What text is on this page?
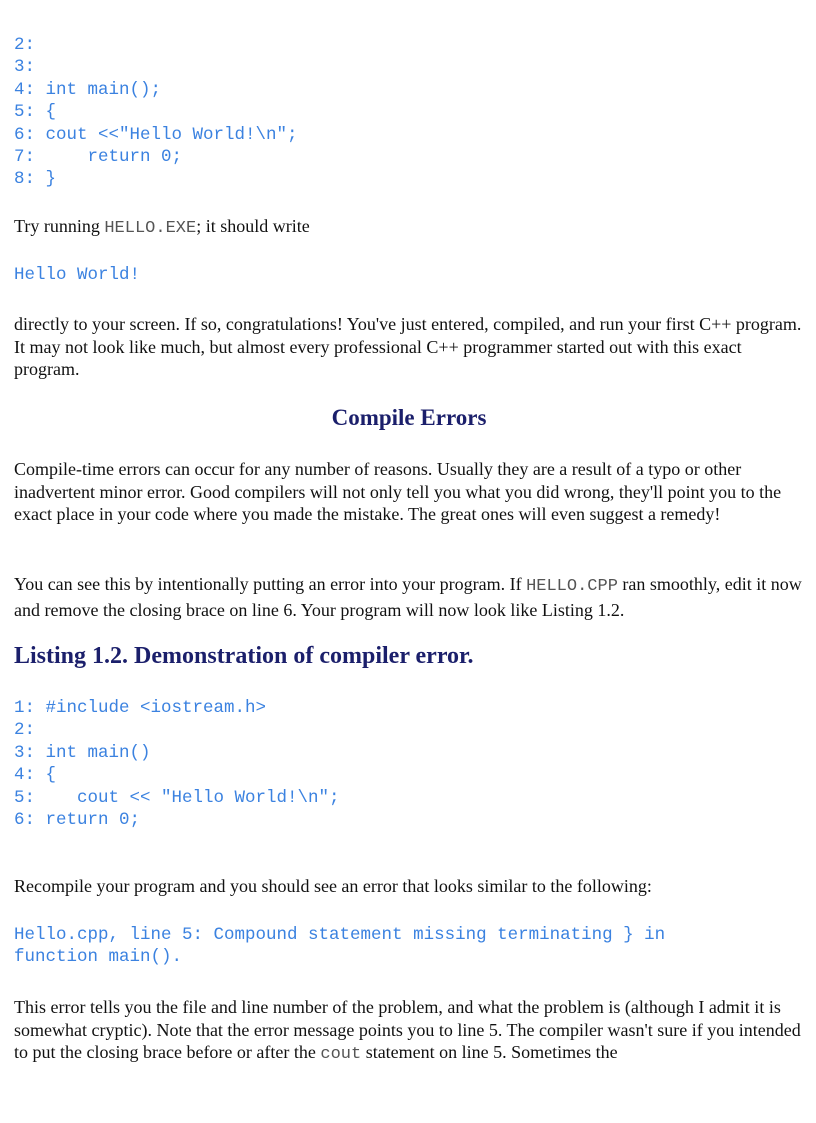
2:
3:
4: int main();
5: {
6: cout <<"Hello World!\n";
7:     return 0;
8: }

Try running HELLO.EXE; it should write

Hello World!

directly to your screen. If so, congratulations! You've just entered, compiled, and run your first C++ program. It may not look like much, but almost every professional C++ programmer started out with this exact program.

Compile Errors

Compile-time errors can occur for any number of reasons. Usually they are a result of a typo or other inadvertent minor error. Good compilers will not only tell you what you did wrong, they'll point you to the exact place in your code where you made the mistake. The great ones will even suggest a remedy!

You can see this by intentionally putting an error into your program. If HELLO.CPP ran smoothly, edit it now and remove the closing brace on line 6. Your program will now look like Listing 1.2.

Listing 1.2. Demonstration of compiler error.
1: #include <iostream.h>
2:
3: int main()
4: {
5:    cout << "Hello World!\n";
6: return 0;

Recompile your program and you should see an error that looks similar to the following:

Hello.cpp, line 5: Compound statement missing terminating } in
function main().

This error tells you the file and line number of the problem, and what the problem is (although I admit it is somewhat cryptic). Note that the error message points you to line 5. The compiler wasn't sure if you intended to put the closing brace before or after the cout statement on line 5. Sometimes the
